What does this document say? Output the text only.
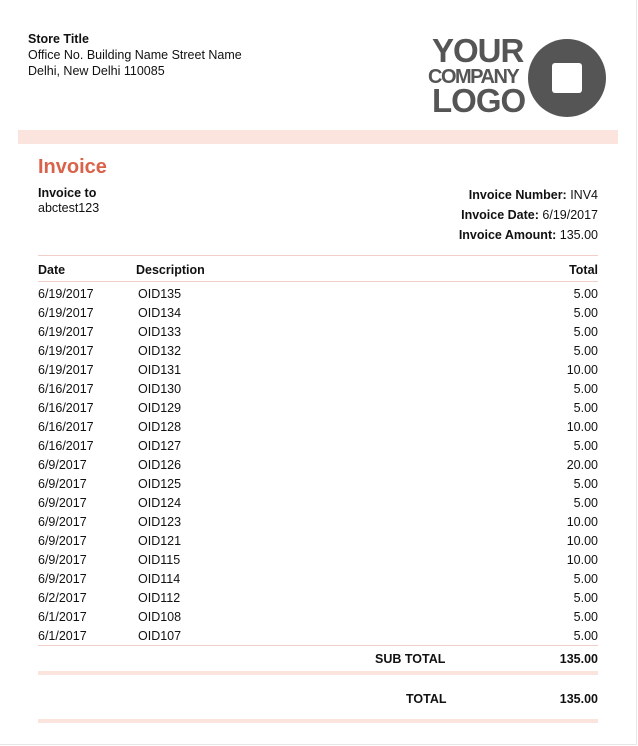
Store Title
Office No. Building Name Street Name
Delhi, New Delhi 110085
YOUR
COMPANY
LOGO
Invoice
Invoice to
abctest123
Invoice Number: INV4
Invoice Date: 6/19/2017
Invoice Amount: 135.00
Date	Description	Total
6/19/2017	OID135	5.00
6/19/2017	OID134	5.00
6/19/2017	OID133	5.00
6/19/2017	OID132	5.00
6/19/2017	OID131	10.00
6/16/2017	OID130	5.00
6/16/2017	OID129	5.00
6/16/2017	OID128	10.00
6/16/2017	OID127	5.00
6/9/2017	OID126	20.00
6/9/2017	OID125	5.00
6/9/2017	OID124	5.00
6/9/2017	OID123	10.00
6/9/2017	OID121	10.00
6/9/2017	OID115	10.00
6/9/2017	OID114	5.00
6/2/2017	OID112	5.00
6/1/2017	OID108	5.00
6/1/2017	OID107	5.00
SUB TOTAL	135.00
TOTAL	135.00
